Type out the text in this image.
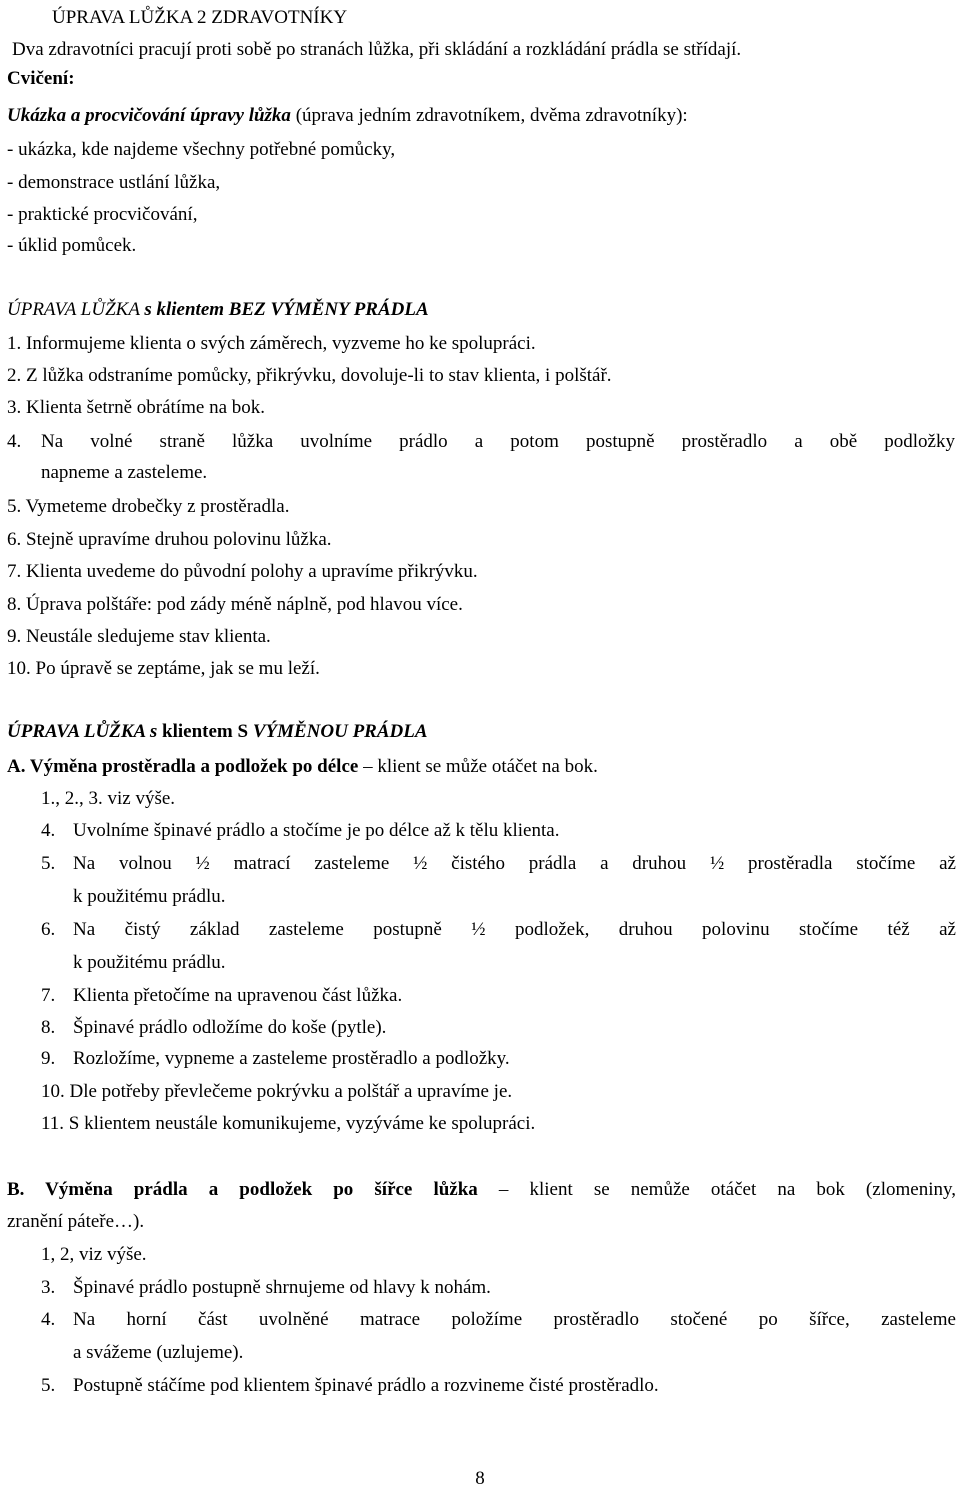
ÚPRAVA LŮŽKA 2 ZDRAVOTNÍKY
Dva zdravotníci pracují proti sobě po stranách lůžka, při skládání a rozkládání prádla se střídají.
Cvičení:
Ukázka a procvičování úpravy lůžka (úprava jedním zdravotníkem, dvěma zdravotníky):
- ukázka, kde najdeme všechny potřebné pomůcky,
- demonstrace ustlání lůžka,
- praktické procvičování,
- úklid pomůcek.
ÚPRAVA LŮŽKA s klientem BEZ VÝMĚNY PRÁDLA
1. Informujeme klienta o svých záměrech, vyzveme ho ke spolupráci.
2. Z lůžka odstraníme pomůcky, přikrývku, dovoluje-li to stav klienta, i polštář.
3. Klienta šetrně obrátíme na bok.
4. Na volné straně lůžka uvolníme prádlo a potom postupně prostěradlo a obě podložky
napneme a zasteleme.
5. Vymeteme drobečky z prostěradla.
6. Stejně upravíme druhou polovinu lůžka.
7. Klienta uvedeme do původní polohy a upravíme přikrývku.
8. Úprava polštáře: pod zády méně náplně, pod hlavou více.
9. Neustále sledujeme stav klienta.
10. Po úpravě se zeptáme, jak se mu leží.
ÚPRAVA LŮŽKA s klientem S VÝMĚNOU PRÁDLA
A. Výměna prostěradla a podložek po délce – klient se může otáčet na bok.
1., 2., 3. viz výše.
4. Uvolníme špinavé prádlo a stočíme je po délce až k tělu klienta.
5. Na volnou ½ matrací zasteleme ½ čistého prádla a druhou ½ prostěradla stočíme až
k použitému prádlu.
6. Na čistý základ zasteleme postupně ½ podložek, druhou polovinu stočíme též až
k použitému prádlu.
7. Klienta přetočíme na upravenou část lůžka.
8. Špinavé prádlo odložíme do koše (pytle).
9. Rozložíme, vypneme a zasteleme prostěradlo a podložky.
10. Dle potřeby převlečeme pokrývku a polštář a upravíme je.
11. S klientem neustále komunikujeme, vyzýváme ke spolupráci.
B. Výměna prádla a podložek po šířce lůžka – klient se nemůže otáčet na bok (zlomeniny,
zranění páteře…).
1, 2, viz výše.
3. Špinavé prádlo postupně shrnujeme od hlavy k nohám.
4. Na horní část uvolněné matrace položíme prostěradlo stočené po šířce, zasteleme
a svážeme (uzlujeme).
5. Postupně stáčíme pod klientem špinavé prádlo a rozvineme čisté prostěradlo.
8
